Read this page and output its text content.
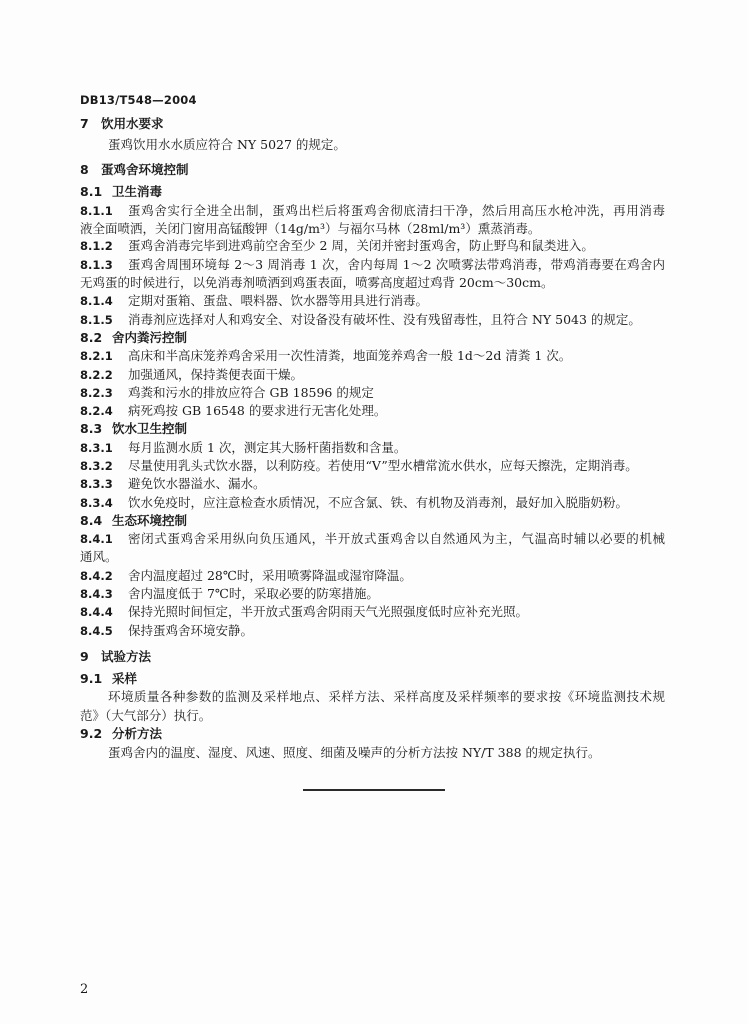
DB13/T548—2004
7 饮用水要求
蛋鸡饮用水水质应符合 NY 5027 的规定。
8 蛋鸡舍环境控制
8.1 卫生消毒
8.1.1	蛋鸡舍实行全进全出制，蛋鸡出栏后将蛋鸡舍彻底清扫干净，然后用高压水枪冲洗，再用消毒
液全面喷洒，关闭门窗用高锰酸钾（14g/m³）与福尔马林（28ml/m³）熏蒸消毒。
8.1.2	蛋鸡舍消毒完毕到进鸡前空舍至少 2 周，关闭并密封蛋鸡舍，防止野鸟和鼠类进入。
8.1.3	蛋鸡舍周围环境每 2～3 周消毒 1 次，舍内每周 1～2 次喷雾法带鸡消毒，带鸡消毒要在鸡舍内
无鸡蛋的时候进行，以免消毒剂喷洒到鸡蛋表面，喷雾高度超过鸡背 20cm～30cm。
8.1.4	定期对蛋箱、蛋盘、喂料器、饮水器等用具进行消毒。
8.1.5	消毒剂应选择对人和鸡安全、对设备没有破坏性、没有残留毒性，且符合 NY 5043 的规定。
8.2 舍内粪污控制
8.2.1	高床和半高床笼养鸡舍采用一次性清粪，地面笼养鸡舍一般 1d～2d 清粪 1 次。
8.2.2	加强通风，保持粪便表面干燥。
8.2.3	鸡粪和污水的排放应符合 GB 18596 的规定
8.2.4	病死鸡按 GB 16548 的要求进行无害化处理。
8.3 饮水卫生控制
8.3.1	每月监测水质 1 次，测定其大肠杆菌指数和含量。
8.3.2	尽量使用乳头式饮水器，以利防疫。若使用“V”型水槽常流水供水，应每天擦洗，定期消毒。
8.3.3	避免饮水器溢水、漏水。
8.3.4	饮水免疫时，应注意检查水质情况，不应含氯、铁、有机物及消毒剂，最好加入脱脂奶粉。
8.4 生态环境控制
8.4.1	密闭式蛋鸡舍采用纵向负压通风，半开放式蛋鸡舍以自然通风为主，气温高时辅以必要的机械
通风。
8.4.2	舍内温度超过 28℃时，采用喷雾降温或湿帘降温。
8.4.3	舍内温度低于 7℃时，采取必要的防寒措施。
8.4.4	保持光照时间恒定，半开放式蛋鸡舍阴雨天气光照强度低时应补充光照。
8.4.5	保持蛋鸡舍环境安静。
9 试验方法
9.1 采样
环境质量各种参数的监测及采样地点、采样方法、采样高度及采样频率的要求按《环境监测技术规
范》（大气部分）执行。
9.2 分析方法
蛋鸡舍内的温度、湿度、风速、照度、细菌及噪声的分析方法按 NY/T 388 的规定执行。
2
